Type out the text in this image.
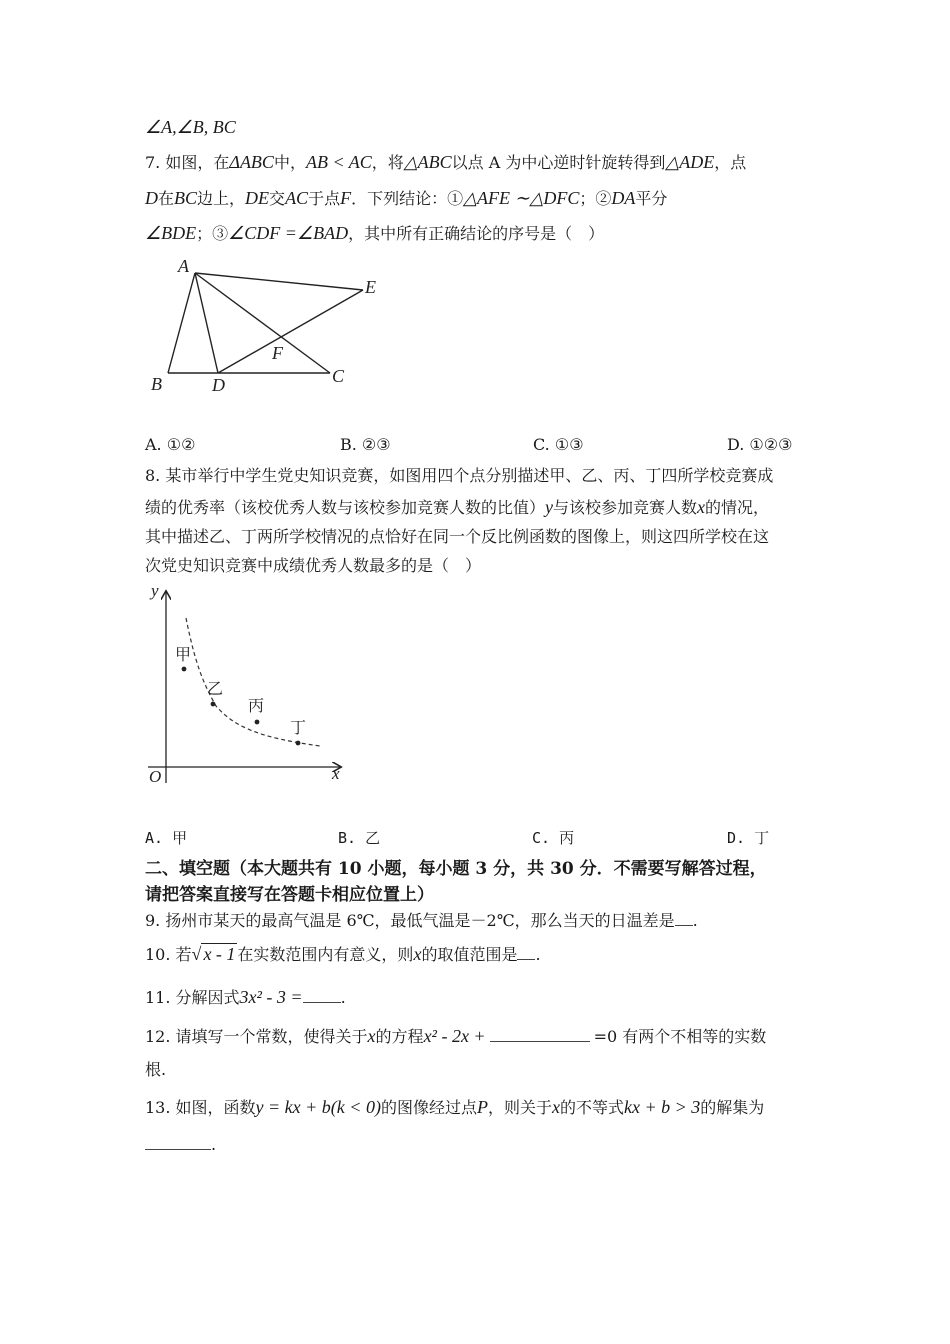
∠A,∠B, BC
7. 如图，在ΔABC中，AB < AC，将△ABC以点 A 为中心逆时针旋转得到△ADE，点
D在BC边上，DE交AC于点F．下列结论：①△AFE ∼△DFC；②DA平分
∠BDE；③∠CDF =∠BAD，其中所有正确结论的序号是（　）
A
B	C
D
E
F
A. ①②	B. ②③	C. ①③	D. ①②③
8. 某市举行中学生党史知识竞赛，如图用四个点分别描述甲、乙、丙、丁四所学校竞赛成
绩的优秀率（该校优秀人数与该校参加竞赛人数的比值）y与该校参加竞赛人数x的情况，
其中描述乙、丁两所学校情况的点恰好在同一个反比例函数的图像上，则这四所学校在这
次党史知识竞赛中成绩优秀人数最多的是（　）
甲
乙
丙
丁
y
x
O
A. 甲	B. 乙	C. 丙	D. 丁
二、填空题（本大题共有 10 小题，每小题 3 分，共 30 分．不需要写解答过程，
请把答案直接写在答题卡相应位置上）
9. 扬州市某天的最高气温是 6℃，最低气温是－2℃，那么当天的日温差是 .
10. 若√ x - 1 在实数范围内有意义，则x的取值范围是 .
11. 分解因式3x² - 3 = .
12. 请填写一个常数，使得关于x的方程x² - 2x +	=0 有两个不相等的实数
根.
13. 如图，函数y = kx + b(k < 0)的图像经过点P，则关于x的不等式kx + b > 3的解集为
.
